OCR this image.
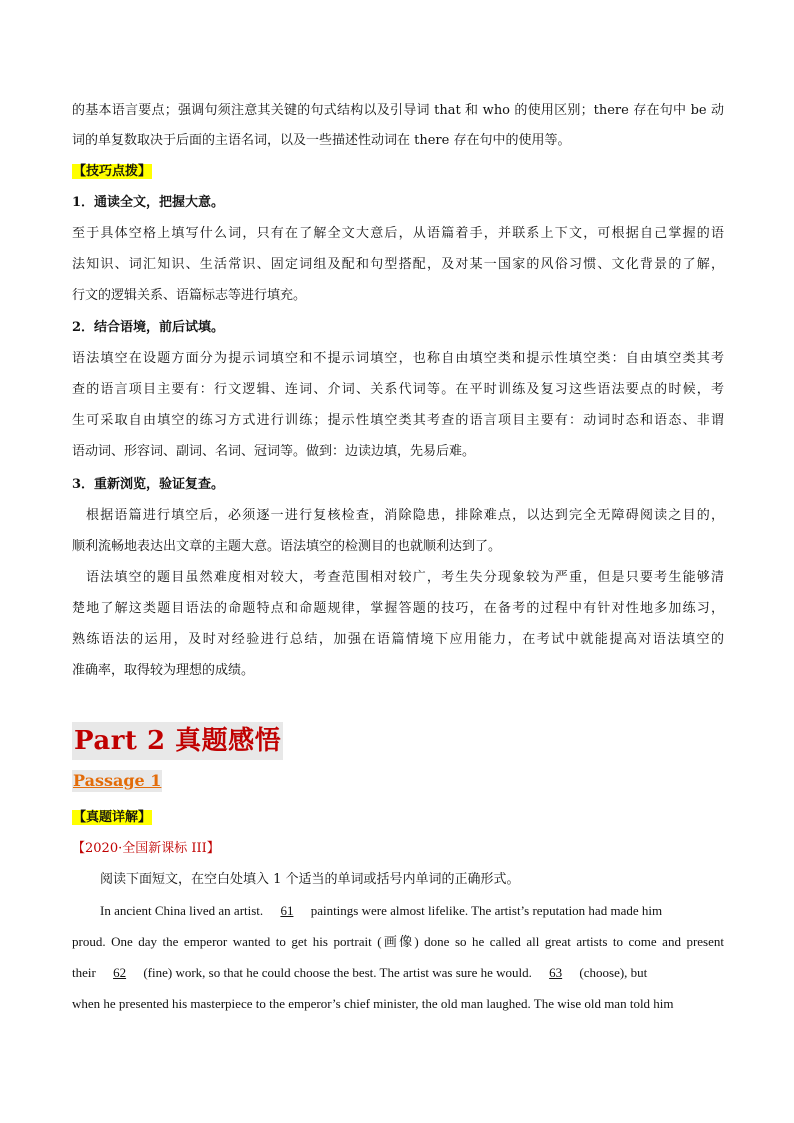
的基本语言要点；强调句须注意其关键的句式结构以及引导词 that 和 who 的使用区别；there 存在句中 be 动
词的单复数取决于后面的主语名词，以及一些描述性动词在 there 存在句中的使用等。
【技巧点拨】
1．通读全文，把握大意。
至于具体空格上填写什么词，只有在了解全文大意后，从语篇着手，并联系上下文，可根据自己掌握的语
法知识、词汇知识、生活常识、固定词组及配和句型搭配，及对某一国家的风俗习惯、文化背景的了解，
行文的逻辑关系、语篇标志等进行填充。
2．结合语境，前后试填。
语法填空在设题方面分为提示词填空和不提示词填空，也称自由填空类和提示性填空类：自由填空类其考
查的语言项目主要有：行文逻辑、连词、介词、关系代词等。在平时训练及复习这些语法要点的时候，考
生可采取自由填空的练习方式进行训练；提示性填空类其考查的语言项目主要有：动词时态和语态、非谓
语动词、形容词、副词、名词、冠词等。做到：边读边填，先易后难。
3．重新浏览，验证复查。
根据语篇进行填空后，必须逐一进行复核检查，消除隐患，排除难点，以达到完全无障碍阅读之目的，
顺利流畅地表达出文章的主题大意。语法填空的检测目的也就顺利达到了。
语法填空的题目虽然难度相对较大，考查范围相对较广，考生失分现象较为严重，但是只要考生能够清
楚地了解这类题目语法的命题特点和命题规律，掌握答题的技巧，在备考的过程中有针对性地多加练习，
熟练语法的运用，及时对经验进行总结，加强在语篇情境下应用能力，在考试中就能提高对语法填空的
准确率，取得较为理想的成绩。
Part 2 真题感悟
Passage 1
【真题详解】
【2020·全国新课标 III】
阅读下面短文，在空白处填入 1 个适当的单词或括号内单词的正确形式。
In ancient China lived an artist. 61 paintings were almost lifelike. The artist’s reputation had made him
proud. One day the emperor wanted to get his portrait (画像) done so he called all great artists to come and present
their 62 (fine) work, so that he could choose the best. The artist was sure he would. 63 (choose), but
when he presented his masterpiece to the emperor’s chief minister, the old man laughed. The wise old man told him
